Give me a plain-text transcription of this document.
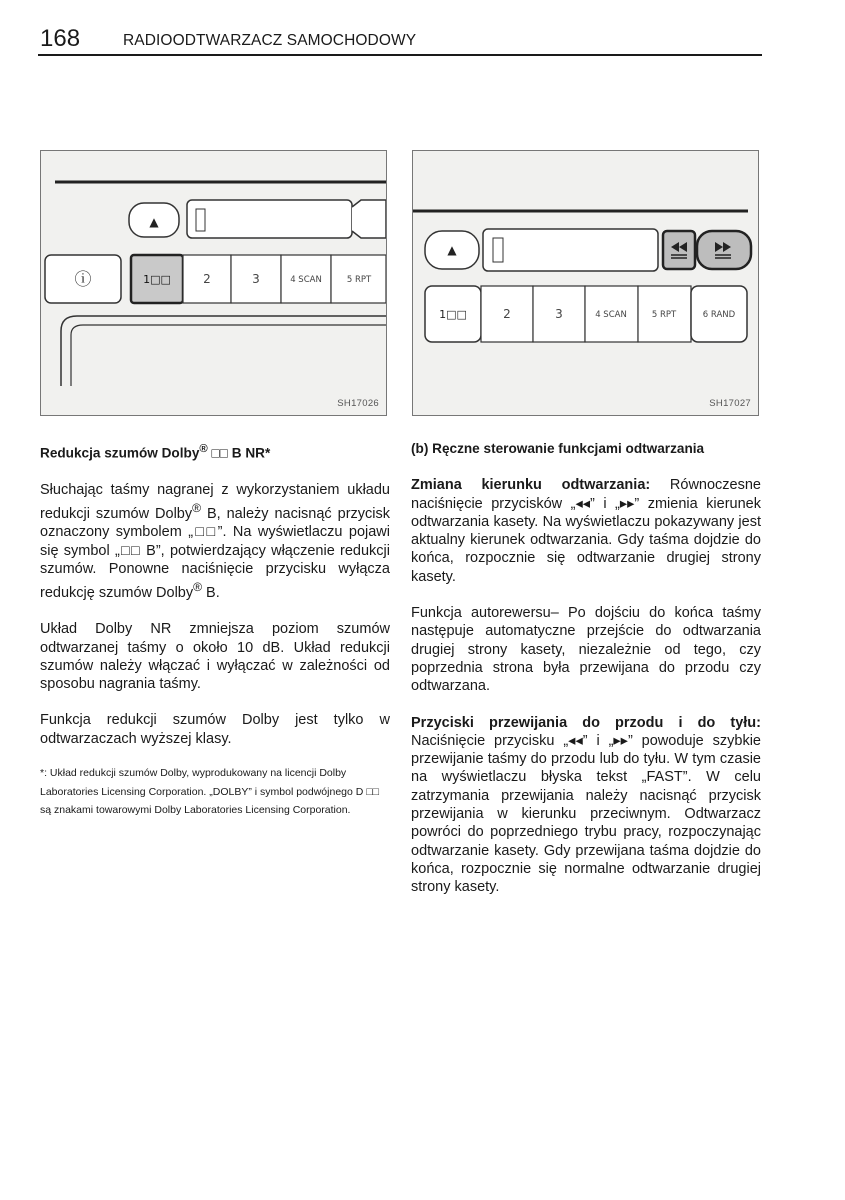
168	RADIOODTWARZACZ SAMOCHODOWY
▲
ⓘ	1□□	2	3	4 SCAN	5 RPT
SH17026
▲
1□□	2	3	4 SCAN	5 RPT	6 RAND
SH17027
Redukcja szumów Dolby® □□ B NR*

Słuchając taśmy nagranej z wykorzystaniem układu redukcji szumów Dolby® B, należy nacisnąć przycisk oznaczony symbolem „□□”. Na wyświetlaczu pojawi się symbol „□□ B”, potwierdzający włączenie redukcji szumów. Ponowne naciśnięcie przycisku wyłącza redukcję szumów Dolby® B.

Układ Dolby NR zmniejsza poziom szumów odtwarzanej taśmy o około 10 dB. Układ redukcji szumów należy włączać i wyłączać w zależności od sposobu nagrania taśmy.

Funkcja redukcji szumów Dolby jest tylko w odtwarzaczach wyższej klasy.

*: Układ redukcji szumów Dolby, wyprodukowany na licencji Dolby Laboratories Licensing Corporation. „DOLBY” i symbol podwójnego D □□ są znakami towarowymi Dolby Laboratories Licensing Corporation.

(b) Ręczne sterowanie funkcjami odtwarzania

Zmiana kierunku odtwarzania: Równoczesne naciśnięcie przycisków „◂◂” i „▸▸” zmienia kierunek odtwarzania kasety. Na wyświetlaczu pokazywany jest aktualny kierunek odtwarzania. Gdy taśma dojdzie do końca, rozpocznie się odtwarzanie drugiej strony kasety.

Funkcja autorewersu– Po dojściu do końca taśmy następuje automatyczne przejście do odtwarzania drugiej strony kasety, niezależnie od tego, czy poprzednia strona była przewijana do przodu czy odtwarzana.

Przyciski przewijania do przodu i do tyłu: Naciśnięcie przycisku „◂◂” i „▸▸” powoduje szybkie przewijanie taśmy do przodu lub do tyłu. W tym czasie na wyświetlaczu błyska tekst „FAST”. W celu zatrzymania przewijania należy nacisnąć przycisk przewijania w kierunku przeciwnym. Odtwarzacz powróci do poprzedniego trybu pracy, rozpoczynając odtwarzanie kasety. Gdy przewijana taśma dojdzie do końca, rozpocznie się normalne odtwarzanie drugiej strony kasety.
